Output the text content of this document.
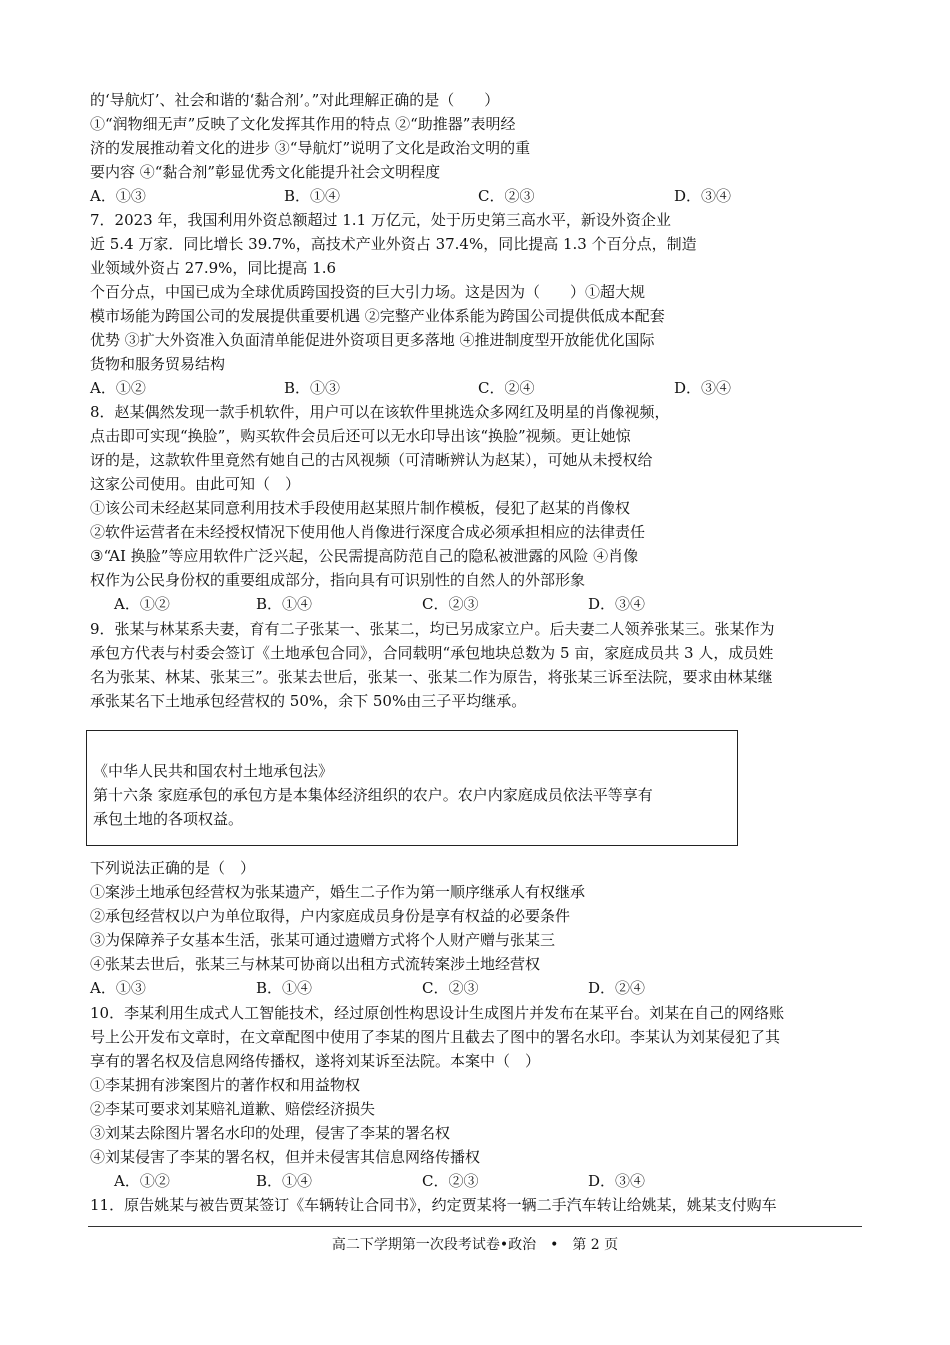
的‘导航灯’、社会和谐的‘黏合剂’。”对此理解正确的是（　　）
①“润物细无声”反映了文化发挥其作用的特点 ②“助推器”表明经
济的发展推动着文化的进步 ③“导航灯”说明了文化是政治文明的重
要内容 ④“黏合剂”彰显优秀文化能提升社会文明程度
A．①③	B．①④	C．②③	D．③④
7．2023 年，我国利用外资总额超过 1.1 万亿元，处于历史第三高水平，新设外资企业
近 5.4 万家．同比增长 39.7%，高技术产业外资占 37.4%，同比提高 1.3 个百分点，制造
业领域外资占 27.9%，同比提高 1.6
个百分点，中国已成为全球优质跨国投资的巨大引力场。这是因为（　　）①超大规
模市场能为跨国公司的发展提供重要机遇 ②完整产业体系能为跨国公司提供低成本配套
优势 ③扩大外资准入负面清单能促进外资项目更多落地 ④推进制度型开放能优化国际
货物和服务贸易结构
A．①②	B．①③	C．②④	D．③④
8．赵某偶然发现一款手机软件，用户可以在该软件里挑选众多网红及明星的肖像视频，
点击即可实现“换脸”，购买软件会员后还可以无水印导出该“换脸”视频。更让她惊
讶的是，这款软件里竟然有她自己的古风视频（可清晰辨认为赵某），可她从未授权给
这家公司使用。由此可知（　）
①该公司未经赵某同意利用技术手段使用赵某照片制作模板，侵犯了赵某的肖像权
②软件运营者在未经授权情况下使用他人肖像进行深度合成必须承担相应的法律责任
③“AI 换脸”等应用软件广泛兴起，公民需提高防范自己的隐私被泄露的风险 ④肖像
权作为公民身份权的重要组成部分，指向具有可识别性的自然人的外部形象
A．①②	B．①④	C．②③	D．③④
9．张某与林某系夫妻，育有二子张某一、张某二，均已另成家立户。后夫妻二人领养张某三。张某作为
承包方代表与村委会签订《土地承包合同》，合同载明“承包地块总数为 5 亩，家庭成员共 3 人，成员姓
名为张某、林某、张某三”。张某去世后，张某一、张某二作为原告，将张某三诉至法院，要求由林某继
承张某名下土地承包经营权的 50%，余下 50%由三子平均继承。
《中华人民共和国农村土地承包法》
第十六条 家庭承包的承包方是本集体经济组织的农户。农户内家庭成员依法平等享有
承包土地的各项权益。
下列说法正确的是（　）
①案涉土地承包经营权为张某遗产，婚生二子作为第一顺序继承人有权继承
②承包经营权以户为单位取得，户内家庭成员身份是享有权益的必要条件
③为保障养子女基本生活，张某可通过遗赠方式将个人财产赠与张某三
④张某去世后，张某三与林某可协商以出租方式流转案涉土地经营权
A．①③	B．①④	C．②③	D．②④
10．李某利用生成式人工智能技术，经过原创性构思设计生成图片并发布在某平台。刘某在自己的网络账
号上公开发布文章时，在文章配图中使用了李某的图片且截去了图中的署名水印。李某认为刘某侵犯了其
享有的署名权及信息网络传播权，遂将刘某诉至法院。本案中（　）
①李某拥有涉案图片的著作权和用益物权
②李某可要求刘某赔礼道歉、赔偿经济损失
③刘某去除图片署名水印的处理，侵害了李某的署名权
④刘某侵害了李某的署名权，但并未侵害其信息网络传播权
A．①②	B．①④	C．②③	D．③④
11．原告姚某与被告贾某签订《车辆转让合同书》，约定贾某将一辆二手汽车转让给姚某，姚某支付购车
高二下学期第一次段考试卷•政治　•　第 2 页
